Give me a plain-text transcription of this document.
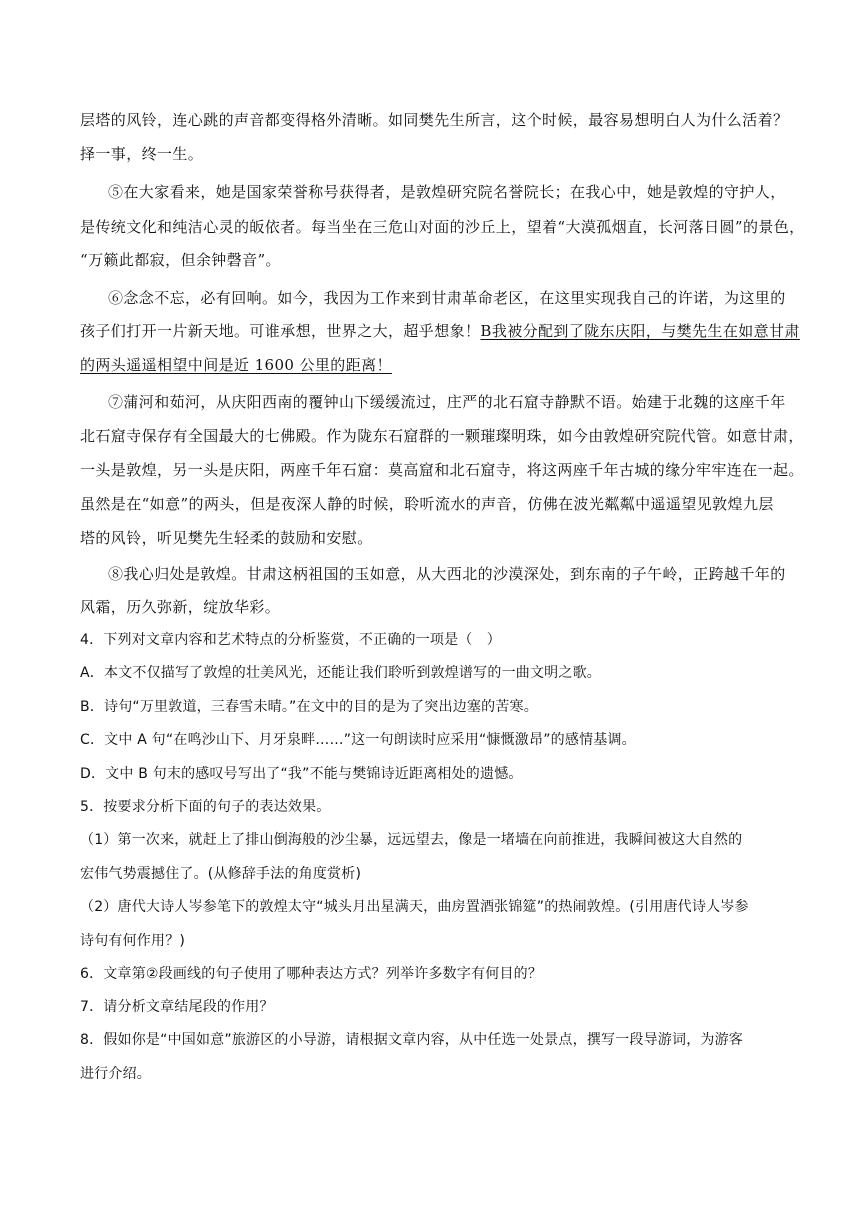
层塔的风铃，连心跳的声音都变得格外清晰。如同樊先生所言，这个时候，最容易想明白人为什么活着？
择一事，终一生。
⑤在大家看来，她是国家荣誉称号获得者，是敦煌研究院名誉院长；在我心中，她是敦煌的守护人，
是传统文化和纯洁心灵的皈依者。每当坐在三危山对面的沙丘上，望着“大漠孤烟直，长河落日圆”的景色，
“万籁此都寂，但余钟磬音”。
⑥念念不忘，必有回响。如今，我因为工作来到甘肃革命老区，在这里实现我自己的许诺，为这里的
孩子们打开一片新天地。可谁承想，世界之大，超乎想象！B我被分配到了陇东庆阳，与樊先生在如意甘肃
的两头遥遥相望中间是近 1600 公里的距离！
⑦蒲河和茹河，从庆阳西南的覆钟山下缓缓流过，庄严的北石窟寺静默不语。始建于北魏的这座千年
北石窟寺保存有全国最大的七佛殿。作为陇东石窟群的一颗璀璨明珠，如今由敦煌研究院代管。如意甘肃，
一头是敦煌，另一头是庆阳，两座千年石窟：莫高窟和北石窟寺，将这两座千年古城的缘分牢牢连在一起。
虽然是在“如意”的两头，但是夜深人静的时候，聆听流水的声音，仿佛在波光粼粼中遥遥望见敦煌九层
塔的风铃，听见樊先生轻柔的鼓励和安慰。
⑧我心归处是敦煌。甘肃这柄祖国的玉如意，从大西北的沙漠深处，到东南的子午岭，正跨越千年的
风霜，历久弥新，绽放华彩。
4．下列对文章内容和艺术特点的分析鉴赏，不正确的一项是（　）
A．本文不仅描写了敦煌的壮美风光，还能让我们聆听到敦煌谱写的一曲文明之歌。
B．诗句“万里敦道，三春雪未晴。”在文中的目的是为了突出边塞的苦寒。
C．文中 A 句“在鸣沙山下、月牙泉畔……”这一句朗读时应采用“慷慨激昂”的感情基调。
D．文中 B 句末的感叹号写出了“我”不能与樊锦诗近距离相处的遗憾。
5．按要求分析下面的句子的表达效果。
（1）第一次来，就赶上了排山倒海般的沙尘暴，远远望去，像是一堵墙在向前推进，我瞬间被这大自然的
宏伟气势震撼住了。(从修辞手法的角度赏析)
（2）唐代大诗人岑参笔下的敦煌太守“城头月出星满天，曲房置酒张锦筵”的热闹敦煌。(引用唐代诗人岑参
诗句有何作用？)
6．文章第②段画线的句子使用了哪种表达方式？列举许多数字有何目的？
7．请分析文章结尾段的作用？
8．假如你是“中国如意”旅游区的小导游，请根据文章内容，从中任选一处景点，撰写一段导游词，为游客
进行介绍。
